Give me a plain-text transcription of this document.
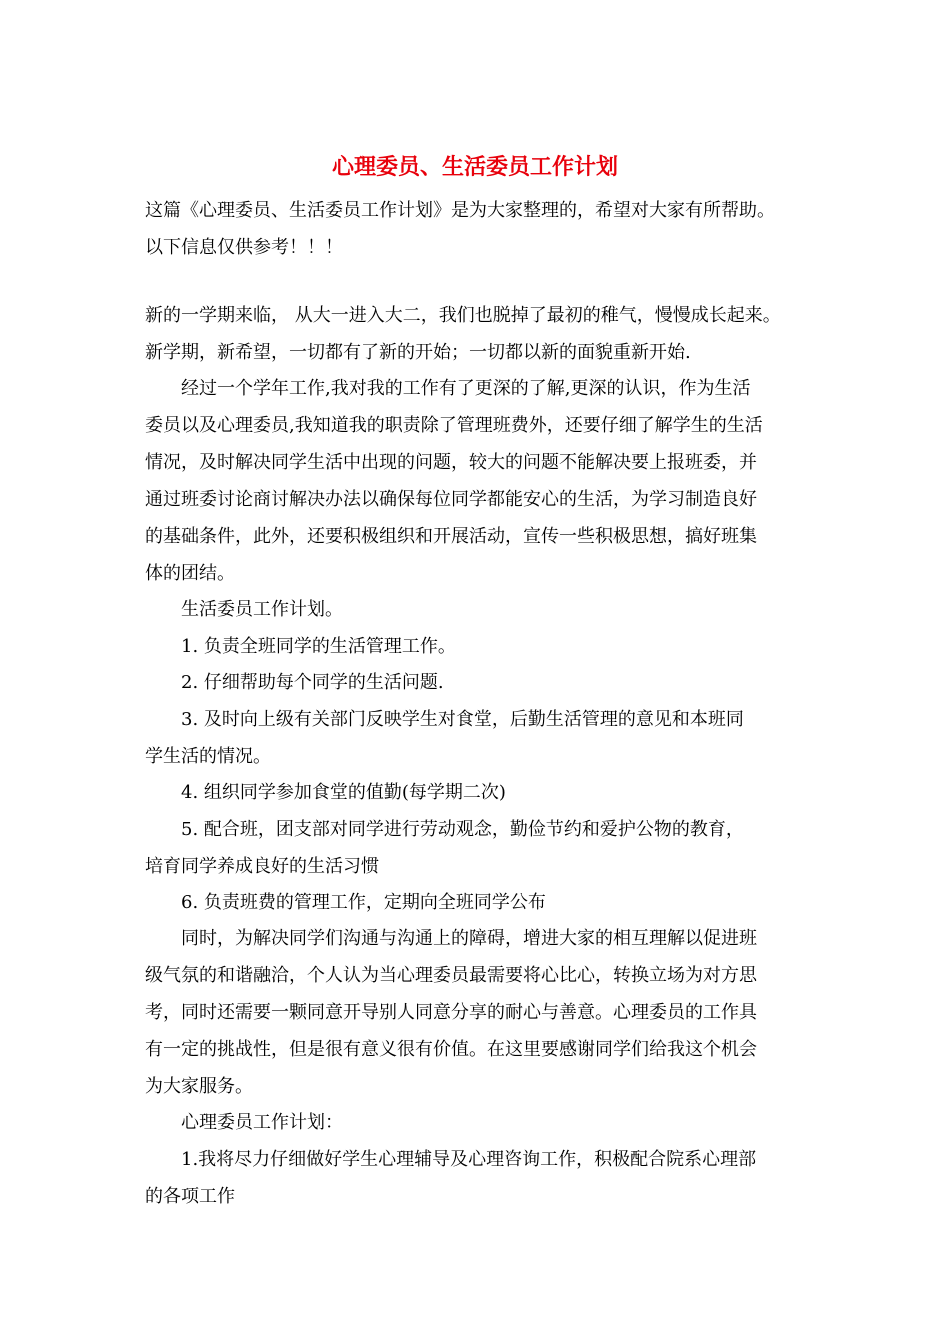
心理委员、生活委员工作计划
这篇《心理委员、生活委员工作计划》是为大家整理的，希望对大家有所帮助。
以下信息仅供参考！！！
新的一学期来临， 从大一进入大二，我们也脱掉了最初的稚气，慢慢成长起来。
新学期，新希望，一切都有了新的开始；一切都以新的面貌重新开始.
经过一个学年工作,我对我的工作有了更深的了解,更深的认识，作为生活
委员以及心理委员,我知道我的职责除了管理班费外，还要仔细了解学生的生活
情况，及时解决同学生活中出现的问题，较大的问题不能解决要上报班委，并
通过班委讨论商讨解决办法以确保每位同学都能安心的生活，为学习制造良好
的基础条件，此外，还要积极组织和开展活动，宣传一些积极思想，搞好班集
体的团结。
生活委员工作计划。
1. 负责全班同学的生活管理工作。
2. 仔细帮助每个同学的生活问题.
3. 及时向上级有关部门反映学生对食堂，后勤生活管理的意见和本班同
学生活的情况。
4. 组织同学参加食堂的值勤(每学期二次)
5. 配合班，团支部对同学进行劳动观念，勤俭节约和爱护公物的教育，
培育同学养成良好的生活习惯
6. 负责班费的管理工作，定期向全班同学公布
同时，为解决同学们沟通与沟通上的障碍，增进大家的相互理解以促进班
级气氛的和谐融洽，个人认为当心理委员最需要将心比心，转换立场为对方思
考，同时还需要一颗同意开导别人同意分享的耐心与善意。心理委员的工作具
有一定的挑战性，但是很有意义很有价值。在这里要感谢同学们给我这个机会
为大家服务。
心理委员工作计划：
1.我将尽力仔细做好学生心理辅导及心理咨询工作，积极配合院系心理部
的各项工作
